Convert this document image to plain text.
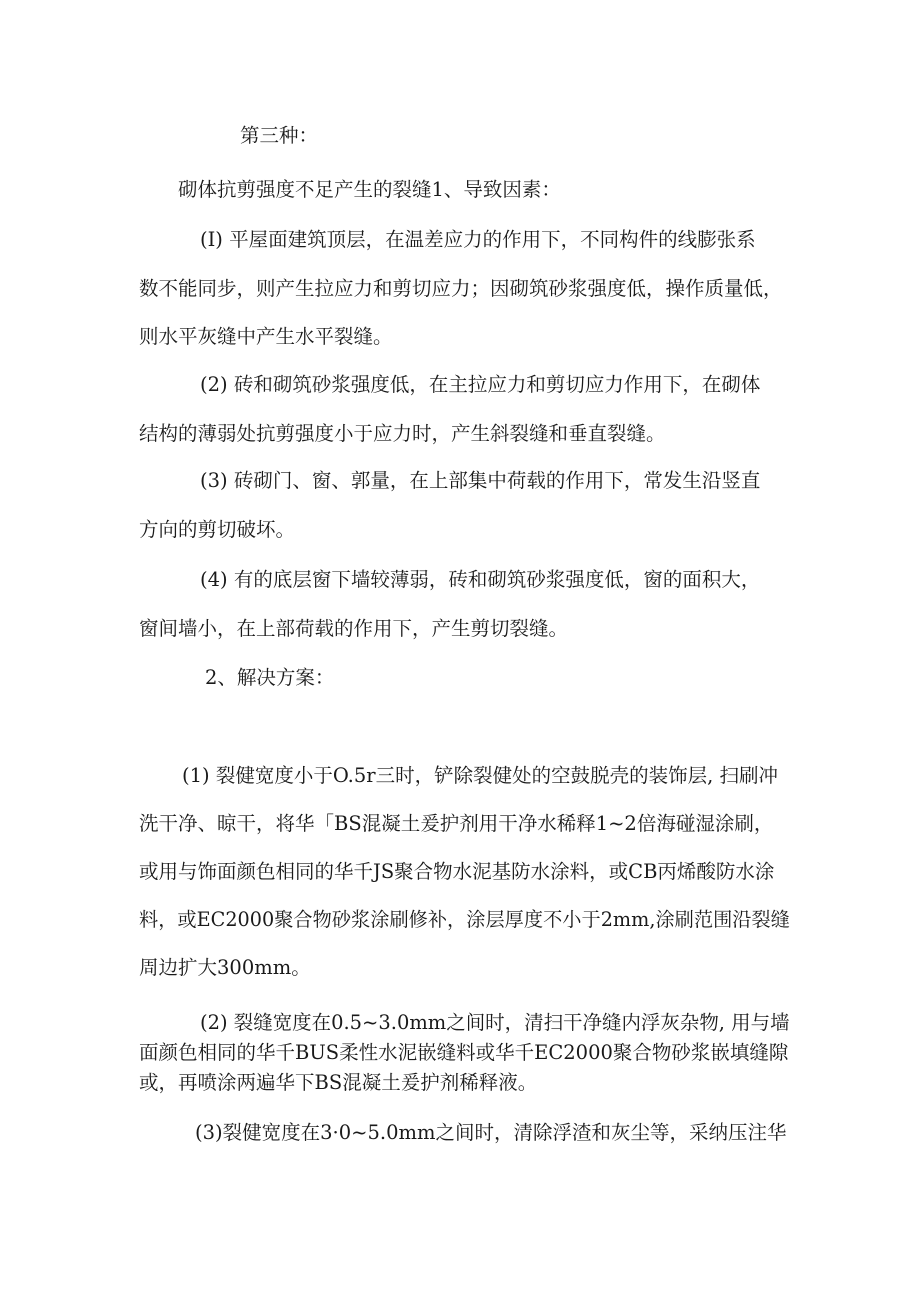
第三种：
砌体抗剪强度不足产生的裂缝1、导致因素：
(I) 平屋面建筑顶层，在温差应力的作用下，不同构件的线膨张系
数不能同步，则产生拉应力和剪切应力；因砌筑砂浆强度低，操作质量低，
则水平灰缝中产生水平裂缝。
(2) 砖和砌筑砂浆强度低，在主拉应力和剪切应力作用下，在砌体
结构的薄弱处抗剪强度小于应力时，产生斜裂缝和垂直裂缝。
(3) 砖砌门、窗、郭量，在上部集中荷载的作用下，常发生沿竖直
方向的剪切破坏。
(4) 有的底层窗下墙较薄弱，砖和砌筑砂浆强度低，窗的面积大，
窗间墙小，在上部荷载的作用下，产生剪切裂缝。
2、解决方案：
(1) 裂健宽度小于O.5r三时，铲除裂健处的空鼓脱壳的装饰层, 扫刷冲
洗干净、晾干，将华「BS混凝土爰护剂用干净水稀释1~2倍海碰湿涂刷，
或用与饰面颜色相同的华千JS聚合物水泥基防水涂料，或CB丙烯酸防水涂
料，或EC2000聚合物砂浆涂刷修补，涂层厚度不小于2mm,涂刷范围沿裂缝
周边扩大300mm。
(2) 裂缝宽度在0.5~3.0mm之间时，清扫干净缝内浮灰杂物, 用与墙
面颜色相同的华千BUS柔性水泥嵌缝料或华千EC2000聚合物砂浆嵌填缝隙
或，再喷涂两遍华下BS混凝土爰护剂稀释液。
(3)裂健宽度在3·0~5.0mm之间时，清除浮渣和灰尘等，采纳压注华
